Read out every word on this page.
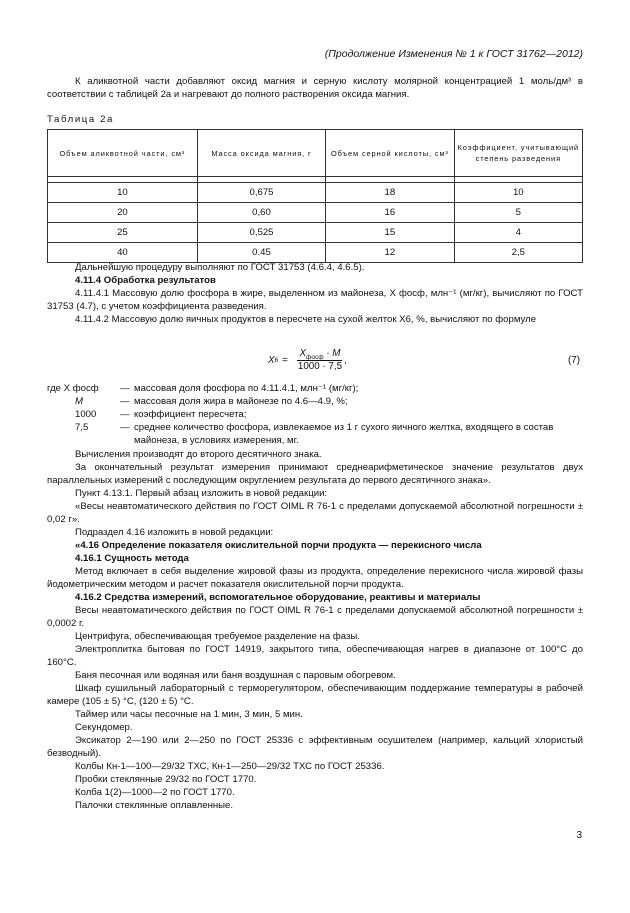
(Продолжение Изменения № 1 к ГОСТ 31762—2012)

К аликвотной части добавляют оксид магния и серную кислоту молярной концентрацией 1 моль/дм³ в соответствии с таблицей 2а и нагревают до полного растворения оксида магния.

Таблица 2а
Объем аликвотной части, см³	Масса оксида магния, г	Объем серной кислоты, см³	Коэффициент, учитывающий степень разведения

10	0,675	18	10
20	0,60	16	5
25	0,525	15	4
40	0.45	12	2,5

Дальнейшую процедуру выполняют по ГОСТ 31753 (4.6.4, 4.6.5).

4.11.4 Обработка результатов

4.11.4.1 Массовую долю фосфора в жире, выделенном из майонеза, X фосф, млн⁻¹ (мг/кг), вычисляют по ГОСТ 31753 (4.7), с учетом коэффициента разведения.

4.11.4.2 Массовую долю яичных продуктов в пересчете на сухой желток X6, %, вычисляют по формуле

X $6 = \frac{X_{фосф} \cdot M}{1000 \cdot 7,5}$ ,	(7)
где X фосф	— массовая доля фосфора по 4.11.4.1, млн⁻¹ (мг/кг);
M	— массовая доля жира в майонезе по 4.6—4.9, %;
1000	— коэффициент пересчета;
7,5	— среднее количество фосфора, извлекаемое из 1 г сухого яичного желтка, входящего в состав майонеза, в условиях измерения, мг.

Вычисления производят до второго десятичного знака.

За окончательный результат измерения принимают среднеарифметическое значение результатов двух параллельных измерений с последующим округлением результата до первого десятичного знака».

Пункт 4.13.1. Первый абзац изложить в новой редакции:

«Весы неавтоматического действия по ГОСТ OIML R 76-1 с пределами допускаемой абсолютной погрешности ± 0,02 г».

Подраздел 4.16 изложить в новой редакции:

«4.16 Определение показателя окислительной порчи продукта — перекисного числа

4.16.1 Сущность метода

Метод включает в себя выделение жировой фазы из продукта, определение перекисного числа жировой фазы йодометрическим методом и расчет показателя окислительной порчи продукта.

4.16.2 Средства измерений, вспомогательное оборудование, реактивы и материалы

Весы неавтоматического действия по ГОСТ OIML R 76-1 с пределами допускаемой абсолютной погрешности ± 0,0002 г.

Центрифуга, обеспечивающая требуемое разделение на фазы.

Электроплитка бытовая по ГОСТ 14919, закрытого типа, обеспечивающая нагрев в диапазоне от 100°С до 160°С.

Баня песочная или водяная или баня воздушная с паровым обогревом.

Шкаф сушильный лабораторный с терморегулятором, обеспечивающим поддержание температуры в рабочей камере (105 ± 5) °С, (120 ± 5) °С.

Таймер или часы песочные на 1 мин, 3 мин, 5 мин.

Секундомер.

Эксикатор 2—190 или 2—250 по ГОСТ 25336 с эффективным осушителем (например, кальций хлористый безводный).

Колбы Кн-1—100—29/32 ТХС, Кн-1—250—29/32 ТХС по ГОСТ 25336.

Пробки стеклянные 29/32 по ГОСТ 1770.

Колба 1(2)—1000—2 по ГОСТ 1770.

Палочки стеклянные оплавленные.

3
